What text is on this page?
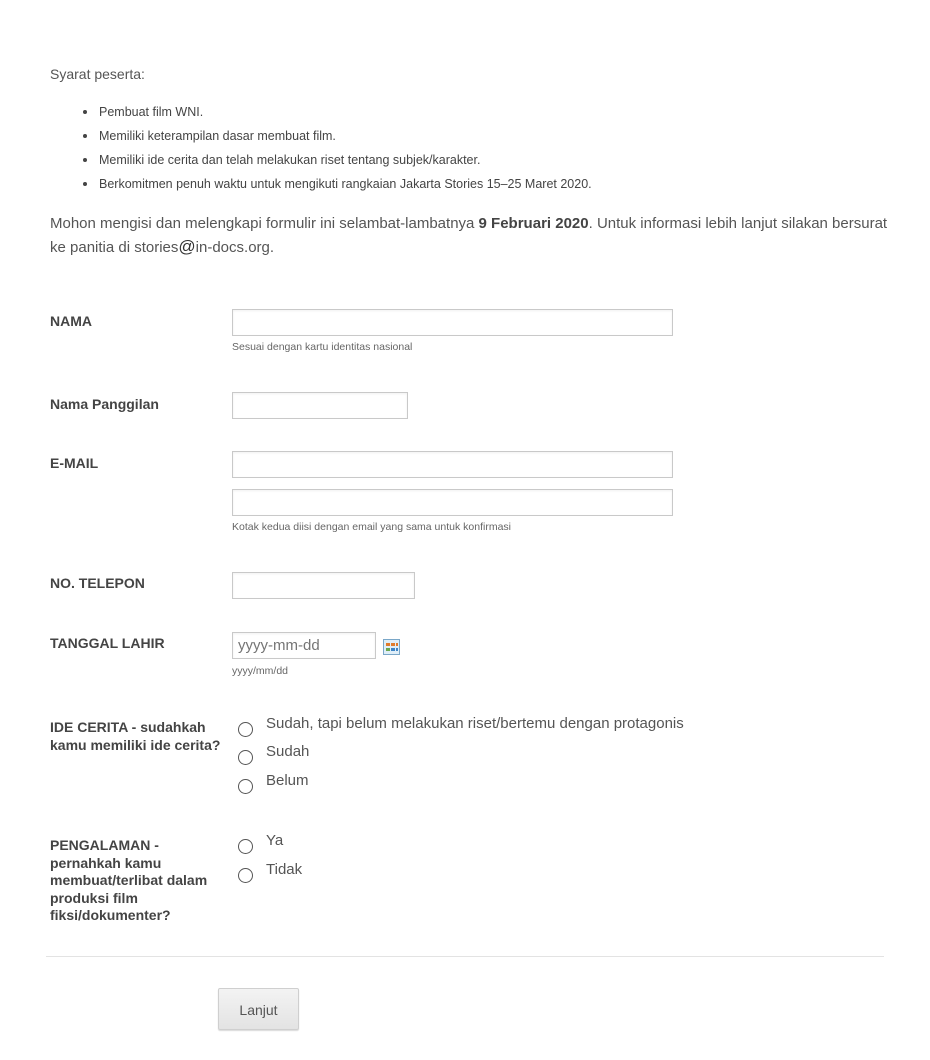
Syarat peserta:
Pembuat film WNI.
Memiliki keterampilan dasar membuat film.
Memiliki ide cerita dan telah melakukan riset tentang subjek/karakter.
Berkomitmen penuh waktu untuk mengikuti rangkaian Jakarta Stories 15–25 Maret 2020.
Mohon mengisi dan melengkapi formulir ini selambat-lambatnya 9 Februari 2020. Untuk informasi lebih lanjut silakan bersurat ke panitia di stories@in-docs.org.
NAMA
Sesuai dengan kartu identitas nasional
Nama Panggilan
E-MAIL
Kotak kedua diisi dengan email yang sama untuk konfirmasi
NO. TELEPON
TANGGAL LAHIR
yyyy-mm-dd
yyyy/mm/dd
IDE CERITA - sudahkah kamu memiliki ide cerita?
Sudah, tapi belum melakukan riset/bertemu dengan protagonis
Sudah
Belum
PENGALAMAN - pernahkah kamu membuat/terlibat dalam produksi film fiksi/dokumenter?
Ya
Tidak
Lanjut
